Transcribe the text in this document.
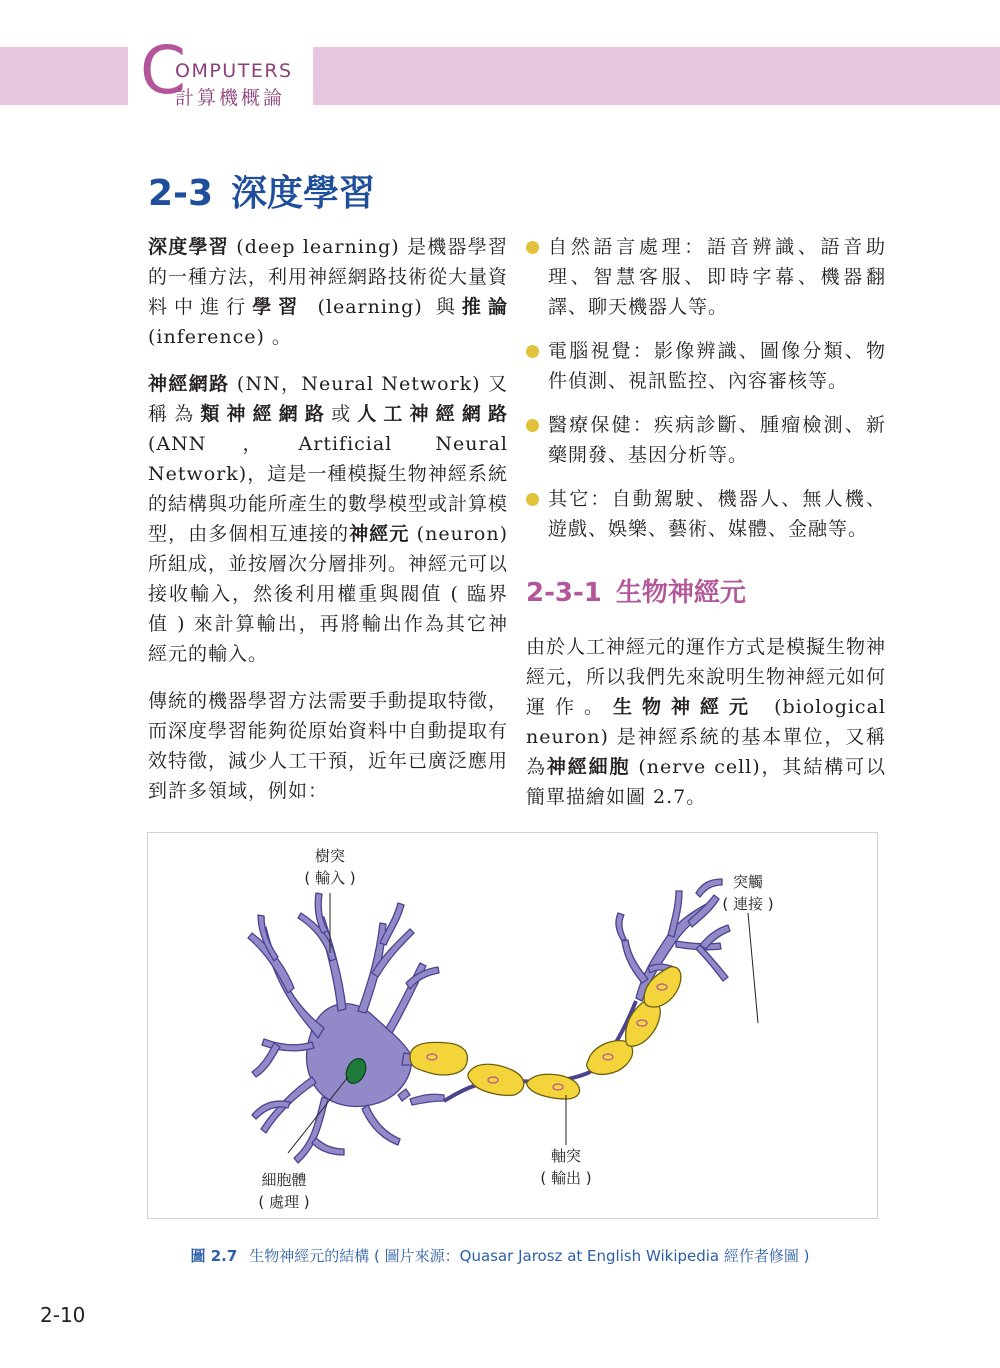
C
OMPUTERS
計算機概論
2-3 深度學習

深度學習 (deep learning) 是機器學習的一種方法，利用神經網路技術從大量資料中進行學習 (learning) 與推論 (inference) 。

神經網路 (NN，Neural Network) 又稱為類神經網路或人工神經網路 (ANN，Artificial Neural Network)，這是一種模擬生物神經系統的結構與功能所產生的數學模型或計算模型，由多個相互連接的神經元 (neuron) 所組成，並按層次分層排列。神經元可以接收輸入，然後利用權重與閥值 ( 臨界值 ) 來計算輸出，再將輸出作為其它神經元的輸入。

傳統的機器學習方法需要手動提取特徵，而深度學習能夠從原始資料中自動提取有效特徵，減少人工干預，近年已廣泛應用到許多領域，例如：

自然語言處理：語音辨識、語音助理、智慧客服、即時字幕、機器翻譯、聊天機器人等。
電腦視覺：影像辨識、圖像分類、物件偵測、視訊監控、內容審核等。
醫療保健：疾病診斷、腫瘤檢測、新藥開發、基因分析等。
其它：自動駕駛、機器人、無人機、遊戲、娛樂、藝術、媒體、金融等。
2-3-1 生物神經元

由於人工神經元的運作方式是模擬生物神經元，所以我們先來說明生物神經元如何運作。生物神經元 (biological neuron) 是神經系統的基本單位，又稱為神經細胞 (nerve cell)，其結構可以簡單描繪如圖 2.7。

樹突
( 輸入 )	突觸
( 連接 )
軸突
( 輸出 )
細胞體
( 處理 )
圖 2.7 生物神經元的結構 ( 圖片來源：Quasar Jarosz at English Wikipedia 經作者修圖 )
2-10
